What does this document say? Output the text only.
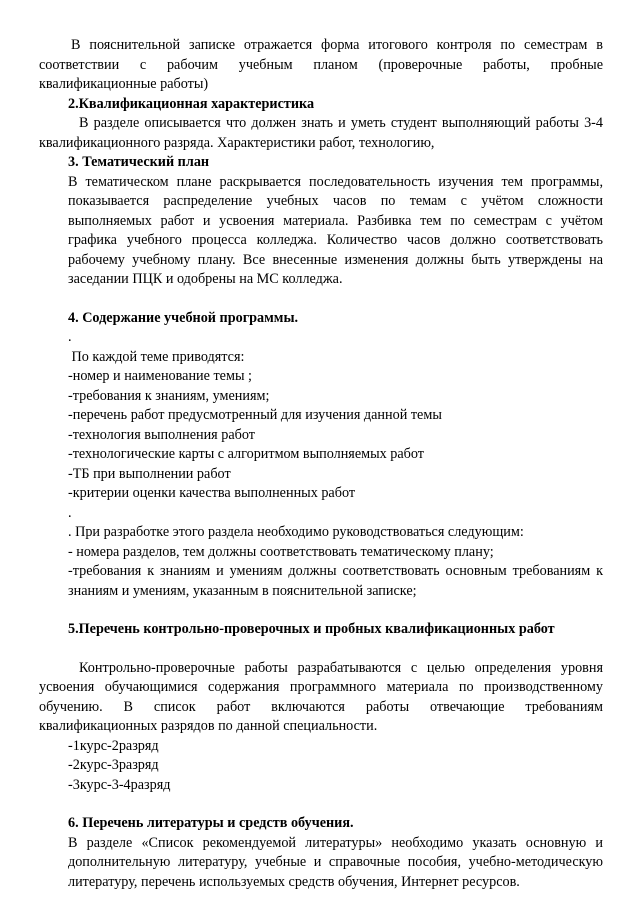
В пояснительной записке отражается форма итогового контроля по семестрам в соответствии с рабочим учебным планом (проверочные работы, пробные квалификационные работы)

2.Квалификационная характеристика

В разделе описывается что должен знать и уметь студент выполняющий работы 3-4 квалификационного разряда. Характеристики работ, технологию,

3. Тематический план

В тематическом плане раскрывается последовательность изучения тем программы, показывается распределение учебных часов по темам с учётом сложности выполняемых работ и усвоения материала. Разбивка тем по семестрам с учётом графика учебного процесса колледжа. Количество часов должно соответствовать рабочему учебному плану. Все внесенные изменения должны быть утверждены на заседании ПЦК и одобрены на МС колледжа.

4. Содержание учебной программы.

.

По каждой теме приводятся:

-номер и наименование темы ;

-требования к знаниям, умениям;

-перечень работ предусмотренный для изучения данной темы

-технология выполнения работ

-технологические карты с алгоритмом выполняемых работ

-ТБ при выполнении работ

-критерии оценки качества выполненных работ

.

. При разработке этого раздела необходимо руководствоваться следующим:

- номера разделов, тем должны соответствовать тематическому плану;

-требования к знаниям и умениям должны соответствовать основным требованиям к знаниям и умениям, указанным в пояснительной записке;

5.Перечень контрольно-проверочных и пробных квалификационных работ

Контрольно-проверочные работы разрабатываются с целью определения уровня усвоения обучающимися содержания программного материала по производственному обучению. В список работ включаются работы отвечающие требованиям квалификационных разрядов по данной специальности.

-1курс-2разряд

-2курс-3разряд

-3курс-3-4разряд

6. Перечень литературы и средств обучения.

В разделе «Список рекомендуемой литературы» необходимо указать основную и дополнительную литературу, учебные и справочные пособия, учебно-методическую литературу, перечень используемых средств обучения, Интернет ресурсов.
